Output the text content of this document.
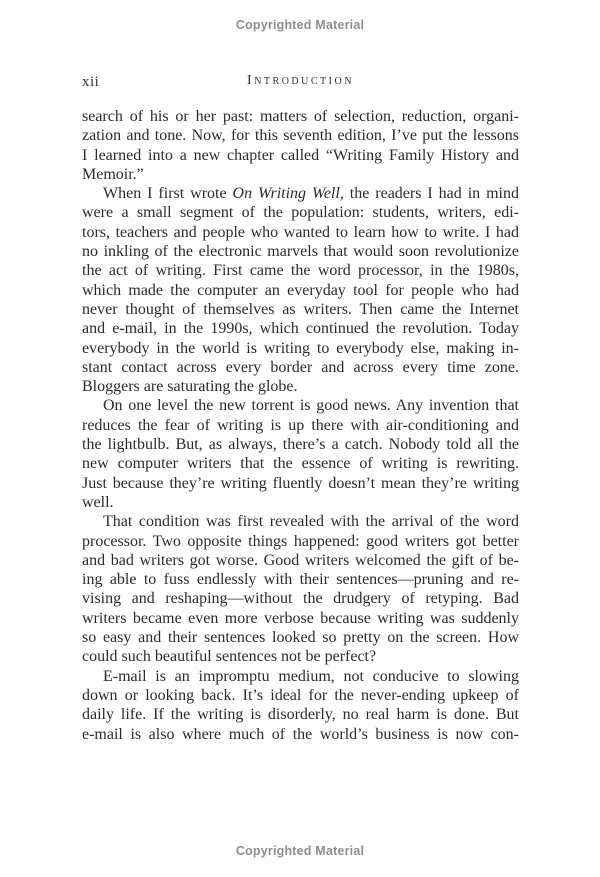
Copyrighted Material
xii	Introduction
search of his or her past: matters of selection, reduction, organi-
zation and tone. Now, for this seventh edition, I’ve put the lessons
I learned into a new chapter called “Writing Family History and
Memoir.”
When I first wrote On Writing Well, the readers I had in mind
were a small segment of the population: students, writers, edi-
tors, teachers and people who wanted to learn how to write. I had
no inkling of the electronic marvels that would soon revolutionize
the act of writing. First came the word processor, in the 1980s,
which made the computer an everyday tool for people who had
never thought of themselves as writers. Then came the Internet
and e-mail, in the 1990s, which continued the revolution. Today
everybody in the world is writing to everybody else, making in-
stant contact across every border and across every time zone.
Bloggers are saturating the globe.
On one level the new torrent is good news. Any invention that
reduces the fear of writing is up there with air-conditioning and
the lightbulb. But, as always, there’s a catch. Nobody told all the
new computer writers that the essence of writing is rewriting.
Just because they’re writing fluently doesn’t mean they’re writing
well.
That condition was first revealed with the arrival of the word
processor. Two opposite things happened: good writers got better
and bad writers got worse. Good writers welcomed the gift of be-
ing able to fuss endlessly with their sentences—pruning and re-
vising and reshaping—without the drudgery of retyping. Bad
writers became even more verbose because writing was suddenly
so easy and their sentences looked so pretty on the screen. How
could such beautiful sentences not be perfect?
E-mail is an impromptu medium, not conducive to slowing
down or looking back. It’s ideal for the never-ending upkeep of
daily life. If the writing is disorderly, no real harm is done. But
e-mail is also where much of the world’s business is now con-
Copyrighted Material
